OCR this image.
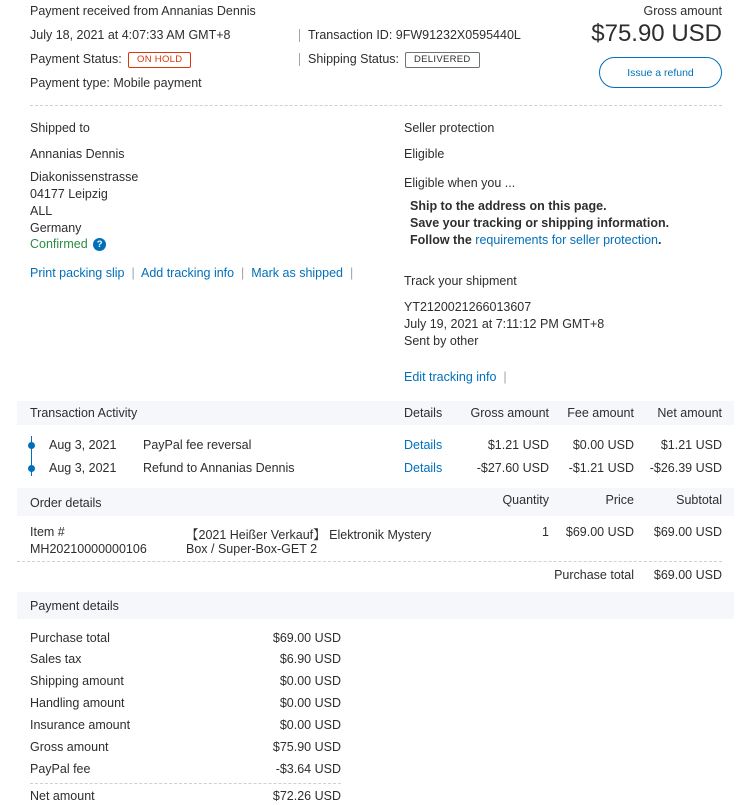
Payment received from Annanias Dennis
July 18, 2021 at 4:07:33 AM GMT+8	Transaction ID: 9FW91232X0595440L
Payment Status:	ON HOLD	Shipping Status:	DELIVERED
Payment type: Mobile payment
Gross amount
$75.90 USD
Issue a refund
Shipped to
Annanias Dennis
Diakonissenstrasse
04177 Leipzig
ALL
Germany
Confirmed ?
Print packing slip  |  Add tracking info  |  Mark as shipped  |
Seller protection
Eligible
Eligible when you ...
Ship to the address on this page.
Save your tracking or shipping information.
Follow the requirements for seller protection.
Track your shipment
YT2120021266013607
July 19, 2021 at 7:11:12 PM GMT+8
Sent by other
Edit tracking info  |
Transaction Activity	Details Gross amount Fee amount Net amount
Aug 3, 2021 PayPal fee reversal	Details	$1.21 USD $0.00 USD $1.21 USD
Aug 3, 2021 Refund to Annanias Dennis	Details	-$27.60 USD -$1.21 USD -$26.39 USD
Order details	Quantity	Price	Subtotal
Item #
MH20210000000106
【2021 Heißer Verkauf】 Elektronik Mystery
Box / Super-Box-GET 2
1 $69.00 USD $69.00 USD
Purchase total $69.00 USD
Payment details
Purchase total	$69.00 USD
Sales tax	$6.90 USD
Shipping amount	$0.00 USD
Handling amount	$0.00 USD
Insurance amount	$0.00 USD
Gross amount	$75.90 USD
PayPal fee	-$3.64 USD
Net amount	$72.26 USD
